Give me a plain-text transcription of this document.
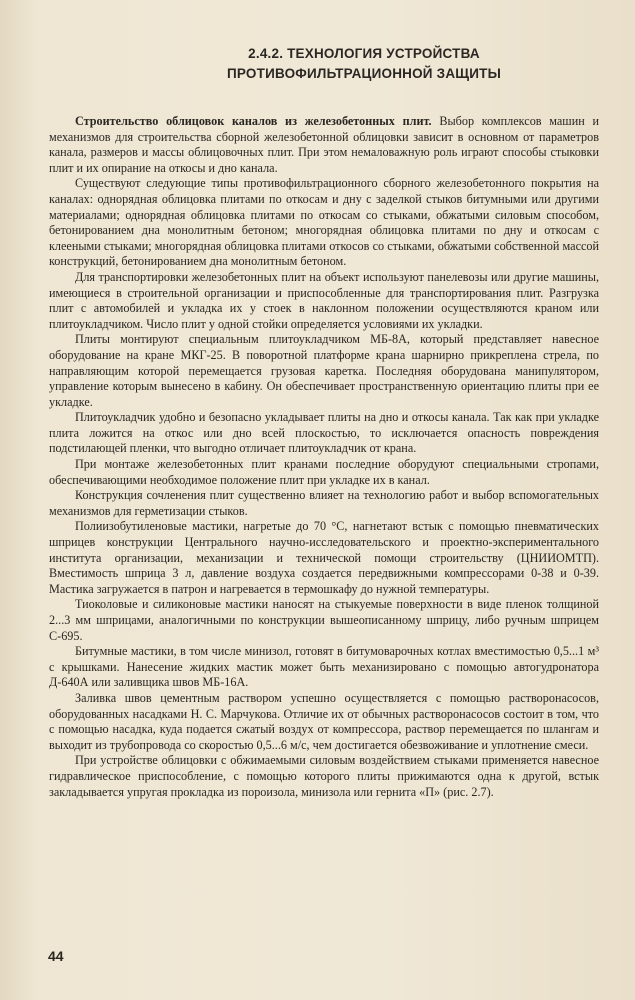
2.4.2. ТЕХНОЛОГИЯ УСТРОЙСТВА
ПРОТИВОФИЛЬТРАЦИОННОЙ ЗАЩИТЫ

Строительство облицовок каналов из железобетонных плит. Выбор комплексов машин и механизмов для строительства сборной железобетонной облицовки зависит в основном от параметров канала, размеров и массы облицовочных плит. При этом немаловажную роль играют способы стыковки плит и их опирание на откосы и дно канала.

Существуют следующие типы противофильтрационного сборного железобетонного покрытия на каналах: однорядная облицовка плитами по откосам и дну с заделкой стыков битумными или другими материалами; однорядная облицовка плитами по откосам со стыками, обжатыми силовым способом, бетонированием дна монолитным бетоном; многорядная облицовка плитами по дну и откосам с клееными стыками; многорядная облицовка плитами откосов со стыками, обжатыми собственной массой конструкций, бетонированием дна монолитным бетоном.

Для транспортировки железобетонных плит на объект используют панелевозы или другие машины, имеющиеся в строительной организации и приспособленные для транспортирования плит. Разгрузка плит с автомобилей и укладка их у стоек в наклонном положении осуществляются краном или плитоукладчиком. Число плит у одной стойки определяется условиями их укладки.

Плиты монтируют специальным плитоукладчиком МБ-8А, который представляет навесное оборудование на кране МКГ-25. В поворотной платформе крана шарнирно прикреплена стрела, по направляющим которой перемещается грузовая каретка. Последняя оборудована манипулятором, управление которым вынесено в кабину. Он обеспечивает пространственную ориентацию плиты при ее укладке.

Плитоукладчик удобно и безопасно укладывает плиты на дно и откосы канала. Так как при укладке плита ложится на откос или дно всей плоскостью, то исключается опасность повреждения подстилающей пленки, что выгодно отличает плитоукладчик от крана.

При монтаже железобетонных плит кранами последние оборудуют специальными стропами, обеспечивающими необходимое положение плит при укладке их в канал.

Конструкция сочленения плит существенно влияет на технологию работ и выбор вспомогательных механизмов для герметизации стыков.

Полиизобутиленовые мастики, нагретые до 70 °С, нагнетают встык с помощью пневматических шприцев конструкции Центрального научно-исследовательского и проектно-экспериментального института организации, механизации и технической помощи строительству (ЦНИИОМТП). Вместимость шприца 3 л, давление воздуха создается передвижными компрессорами 0-38 и 0-39. Мастика загружается в патрон и нагревается в термошкафу до нужной температуры.

Тиоколовые и силиконовые мастики наносят на стыкуемые поверхности в виде пленок толщиной 2...3 мм шприцами, аналогичными по конструкции вышеописанному шприцу, либо ручным шприцем С-695.

Битумные мастики, в том числе минизол, готовят в битумоварочных котлах вместимостью 0,5...1 м³ с крышками. Нанесение жидких мастик может быть механизировано с помощью автогудронатора Д-640А или заливщика швов МБ-16А.

Заливка швов цементным раствором успешно осуществляется с помощью растворонасосов, оборудованных насадками Н. С. Марчукова. Отличие их от обычных растворонасосов состоит в том, что с помощью насадка, куда подается сжатый воздух от компрессора, раствор перемещается по шлангам и выходит из трубопровода со скоростью 0,5...6 м/с, чем достигается обезвоживание и уплотнение смеси.

При устройстве облицовки с обжимаемыми силовым воздействием стыками применяется навесное гидравлическое приспособление, с помощью которого плиты прижимаются одна к другой, встык закладывается упругая прокладка из пороизола, минизола или гернита «П» (рис. 2.7).

44
